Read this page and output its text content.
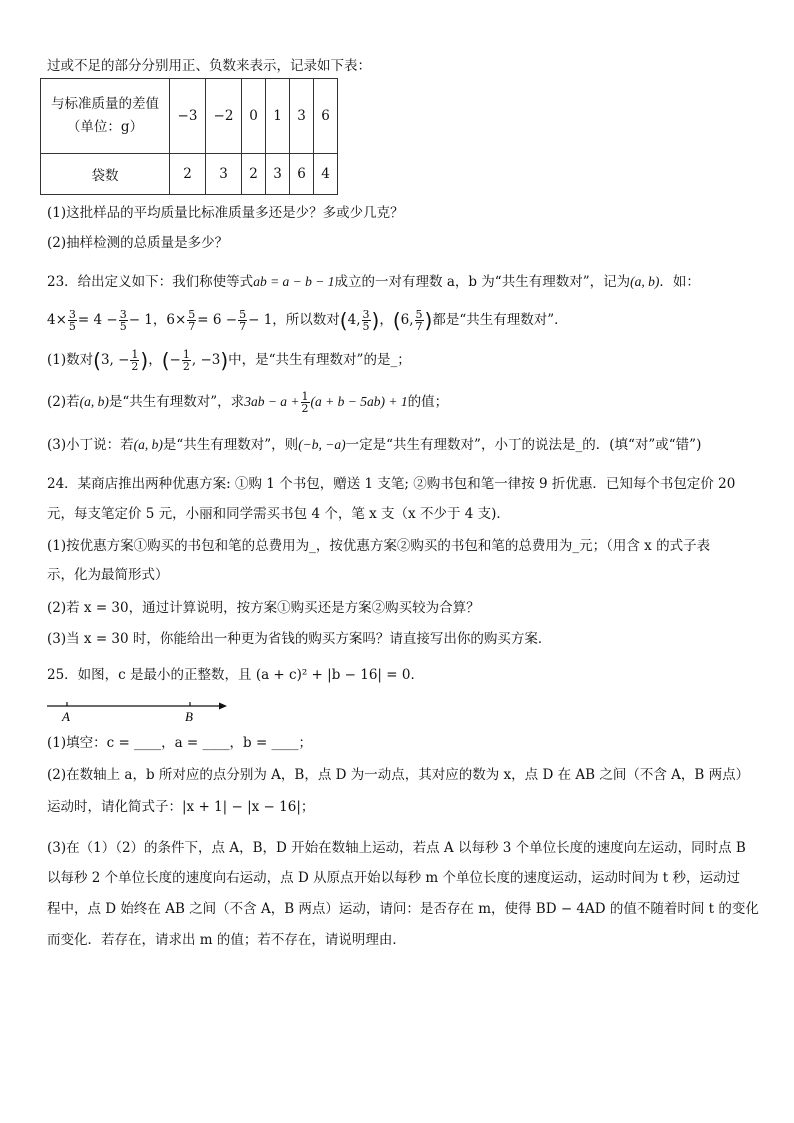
过或不足的部分分别用正、负数来表示，记录如下表：
与标准质量的差值
（单位：g）	−3	−2	0	1	3	6
袋数	2	3	2	3	6	4
(1)这批样品的平均质量比标准质量多还是少？多或少几克？
(2)抽样检测的总质量是多少？
23．给出定义如下：我们称使等式ab = a − b − 1成立的一对有理数 a，b 为“共生有理数对”，记为(a, b)．如：
$4\times \frac{3}{5} = 4 - \frac{3}{5} - 1$，$6\times \frac{5}{7} = 6 - \frac{5}{7} - 1$，所以数对(4, $\frac{3}{5}$ )，(6, $\frac{5}{7}$ )都是“共生有理数对”．
(1)数对(3, − $\frac{1}{2}$ )，(− $\frac{1}{2}$ , −3)中，是“共生有理数对”的是_；
(2)若(a, b)是“共生有理数对”，求$3ab - a + \frac{1}{2} (a + b - 5ab) + 1$的值；
(3)小丁说：若(a, b)是“共生有理数对”，则(−b, −a)一定是“共生有理数对”，小丁的说法是_的．(填“对”或“错”)
24．某商店推出两种优惠方案: ①购 1 个书包，赠送 1 支笔; ②购书包和笔一律按 9 折优惠．已知每个书包定价 20
元，每支笔定价 5 元，小丽和同学需买书包 4 个，笔 x 支（x 不少于 4 支)．
(1)按优惠方案①购买的书包和笔的总费用为_，按优惠方案②购买的书包和笔的总费用为_元；（用含 x 的式子表
示，化为最简形式）
(2)若 x = 30，通过计算说明，按方案①购买还是方案②购买较为合算？
(3)当 x = 30 时，你能给出一种更为省钱的购买方案吗？请直接写出你的购买方案．
25．如图，c 是最小的正整数，且 (a + c)² + |b − 16| = 0．
A	B
(1)填空：c = ____，a = ____，b = ____；
(2)在数轴上 a，b 所对应的点分别为 A，B，点 D 为一动点，其对应的数为 x，点 D 在 AB 之间（不含 A，B 两点）
运动时，请化简式子：|x + 1| − |x − 16|；
(3)在（1）（2）的条件下，点 A，B，D 开始在数轴上运动，若点 A 以每秒 3 个单位长度的速度向左运动，同时点 B
以每秒 2 个单位长度的速度向右运动，点 D 从原点开始以每秒 m 个单位长度的速度运动，运动时间为 t 秒，运动过
程中，点 D 始终在 AB 之间（不含 A，B 两点）运动，请问：是否存在 m，使得 BD − 4AD 的值不随着时间 t 的变化
而变化．若存在，请求出 m 的值；若不存在，请说明理由．
